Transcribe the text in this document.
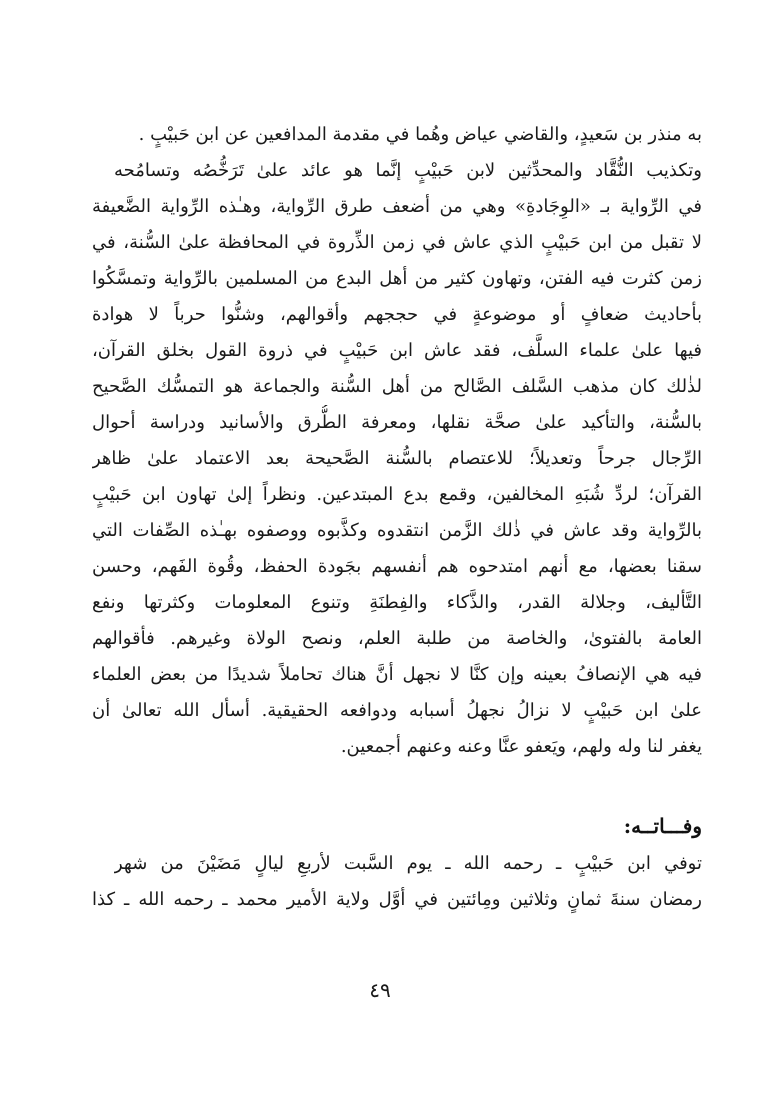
به منذر بن سَعيدٍ، والقاضي عياض وهُما في مقدمة المدافعين عن ابن حَبيْبٍ .
وتكذيب النُّقَّاد والمحدِّثين لابن حَبيْبٍ إنَّما هو عائد علىٰ تَرَخُّصُه وتسامُحه
في الرِّواية بـ «الوِجَادةِ» وهي من أضعف طرق الرِّواية، وهـٰذه الرِّواية الضَّعيفة
لا تقبل من ابن حَبيْبٍ الذي عاش في زمن الذِّروة في المحافظة علىٰ السُّنة، في
زمن كثرت فيه الفتن، وتهاون كثير من أهل البدع من المسلمين بالرِّواية وتمسَّكُوا
بأحاديث ضعافٍ أو موضوعةٍ في حججهم وأقوالهم، وشنُّوا حرباً لا هوادة
فيها علىٰ علماء السلَّف، فقد عاش ابن حَبيْبٍ في ذروة القول بخلق القرآن،
لذٰلك كان مذهب السَّلف الصَّالح من أهل السُّنة والجماعة هو التمسُّك الصَّحيح
بالسُّنة، والتأكيد علىٰ صحَّة نقلها، ومعرفة الطُّرق والأسانيد ودراسة أحوال
الرِّجال جرحاً وتعديلاً؛ للاعتصام بالسُّنة الصَّحيحة بعد الاعتماد علىٰ ظاهر
القرآن؛ لردِّ شُبَهِ المخالفين، وقمع بدع المبتدعين. ونظراً إلىٰ تهاون ابن حَبيْبٍ
بالرِّواية وقد عاش في ذٰلك الزَّمن انتقدوه وكذَّبوه ووصفوه بهـٰذه الصِّفات التي
سقنا بعضها، مع أنهم امتدحوه هم أنفسهم بجَودة الحفظ، وقُوة الفَهم، وحسن
التَّأليف، وجلالة القدر، والذَّكاء والفِطنَةِ وتنوع المعلومات وكثرتها ونفع
العامة بالفتوىٰ، والخاصة من طلبة العلم، ونصح الولاة وغيرهم. فأقوالهم
فيه هي الإنصافُ بعينه وإن كنَّا لا نجهل أنَّ هناك تحاملاً شديدًا من بعض العلماء
علىٰ ابن حَبيْبٍ لا نزالُ نجهلُ أسبابه ودوافعه الحقيقية. أسأل الله تعالىٰ أن
يغفر لنا وله ولهم، ويَعفو عنَّا وعنه وعنهم أجمعين.
وفـــاتــه:
توفي ابن حَبيْبٍ ـ رحمه الله ـ يوم السَّبت لأربعِ ليالٍ مَضَيْنَ من شهر
رمضان سنةَ ثمانٍ وثلاثين ومِائتين في أوَّل ولاية الأمير محمد ـ رحمه الله ـ كذا
٤٩
